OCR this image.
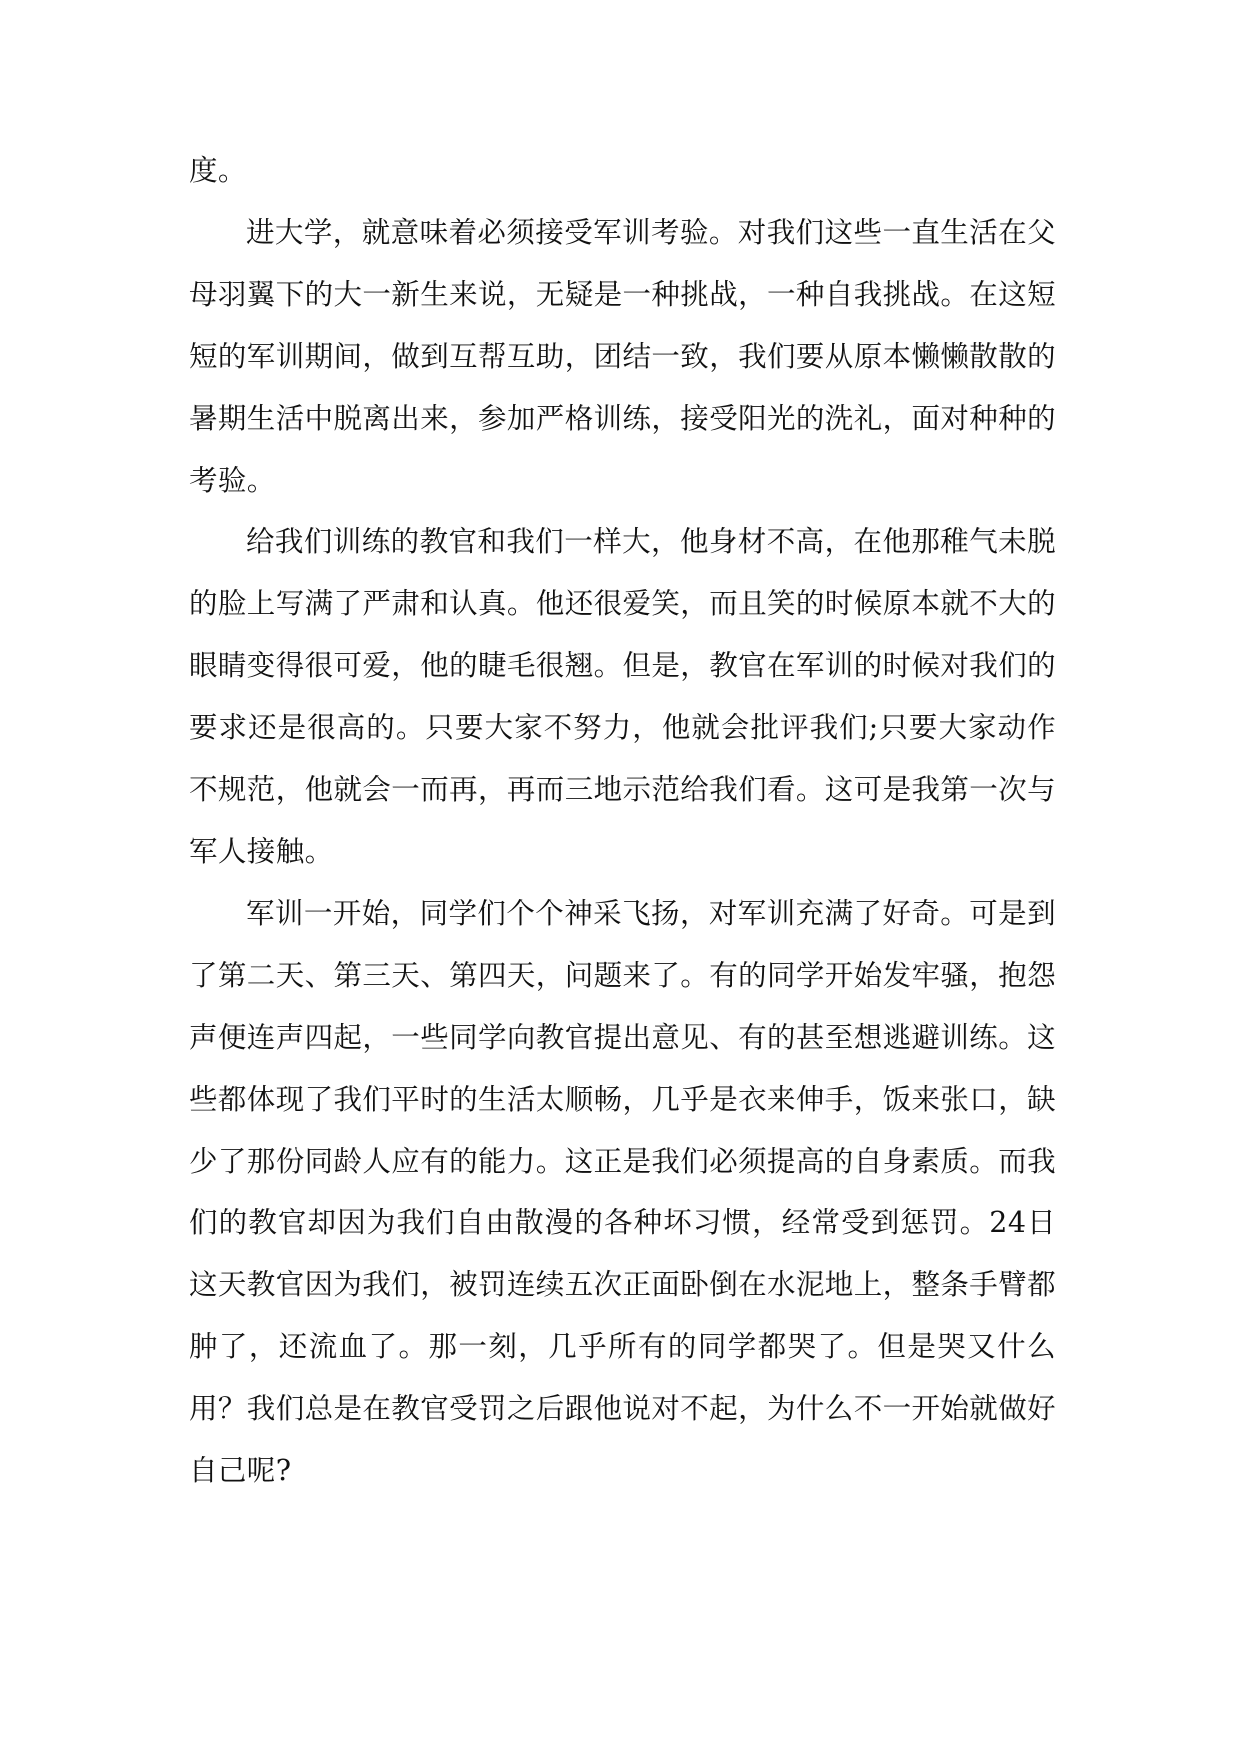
度。

进大学，就意味着必须接受军训考验。对我们这些一直生活在父母羽翼下的大一新生来说，无疑是一种挑战，一种自我挑战。在这短短的军训期间，做到互帮互助，团结一致，我们要从原本懒懒散散的暑期生活中脱离出来，参加严格训练，接受阳光的洗礼，面对种种的考验。

给我们训练的教官和我们一样大，他身材不高，在他那稚气未脱的脸上写满了严肃和认真。他还很爱笑，而且笑的时候原本就不大的眼睛变得很可爱，他的睫毛很翘。但是，教官在军训的时候对我们的要求还是很高的。只要大家不努力，他就会批评我们;只要大家动作不规范，他就会一而再，再而三地示范给我们看。这可是我第一次与军人接触。

军训一开始，同学们个个神采飞扬，对军训充满了好奇。可是到了第二天、第三天、第四天，问题来了。有的同学开始发牢骚，抱怨声便连声四起，一些同学向教官提出意见、有的甚至想逃避训练。这些都体现了我们平时的生活太顺畅，几乎是衣来伸手，饭来张口，缺少了那份同龄人应有的能力。这正是我们必须提高的自身素质。而我们的教官却因为我们自由散漫的各种坏习惯，经常受到惩罚。24日这天教官因为我们，被罚连续五次正面卧倒在水泥地上，整条手臂都肿了，还流血了。那一刻，几乎所有的同学都哭了。但是哭又什么用？我们总是在教官受罚之后跟他说对不起，为什么不一开始就做好自己呢?
